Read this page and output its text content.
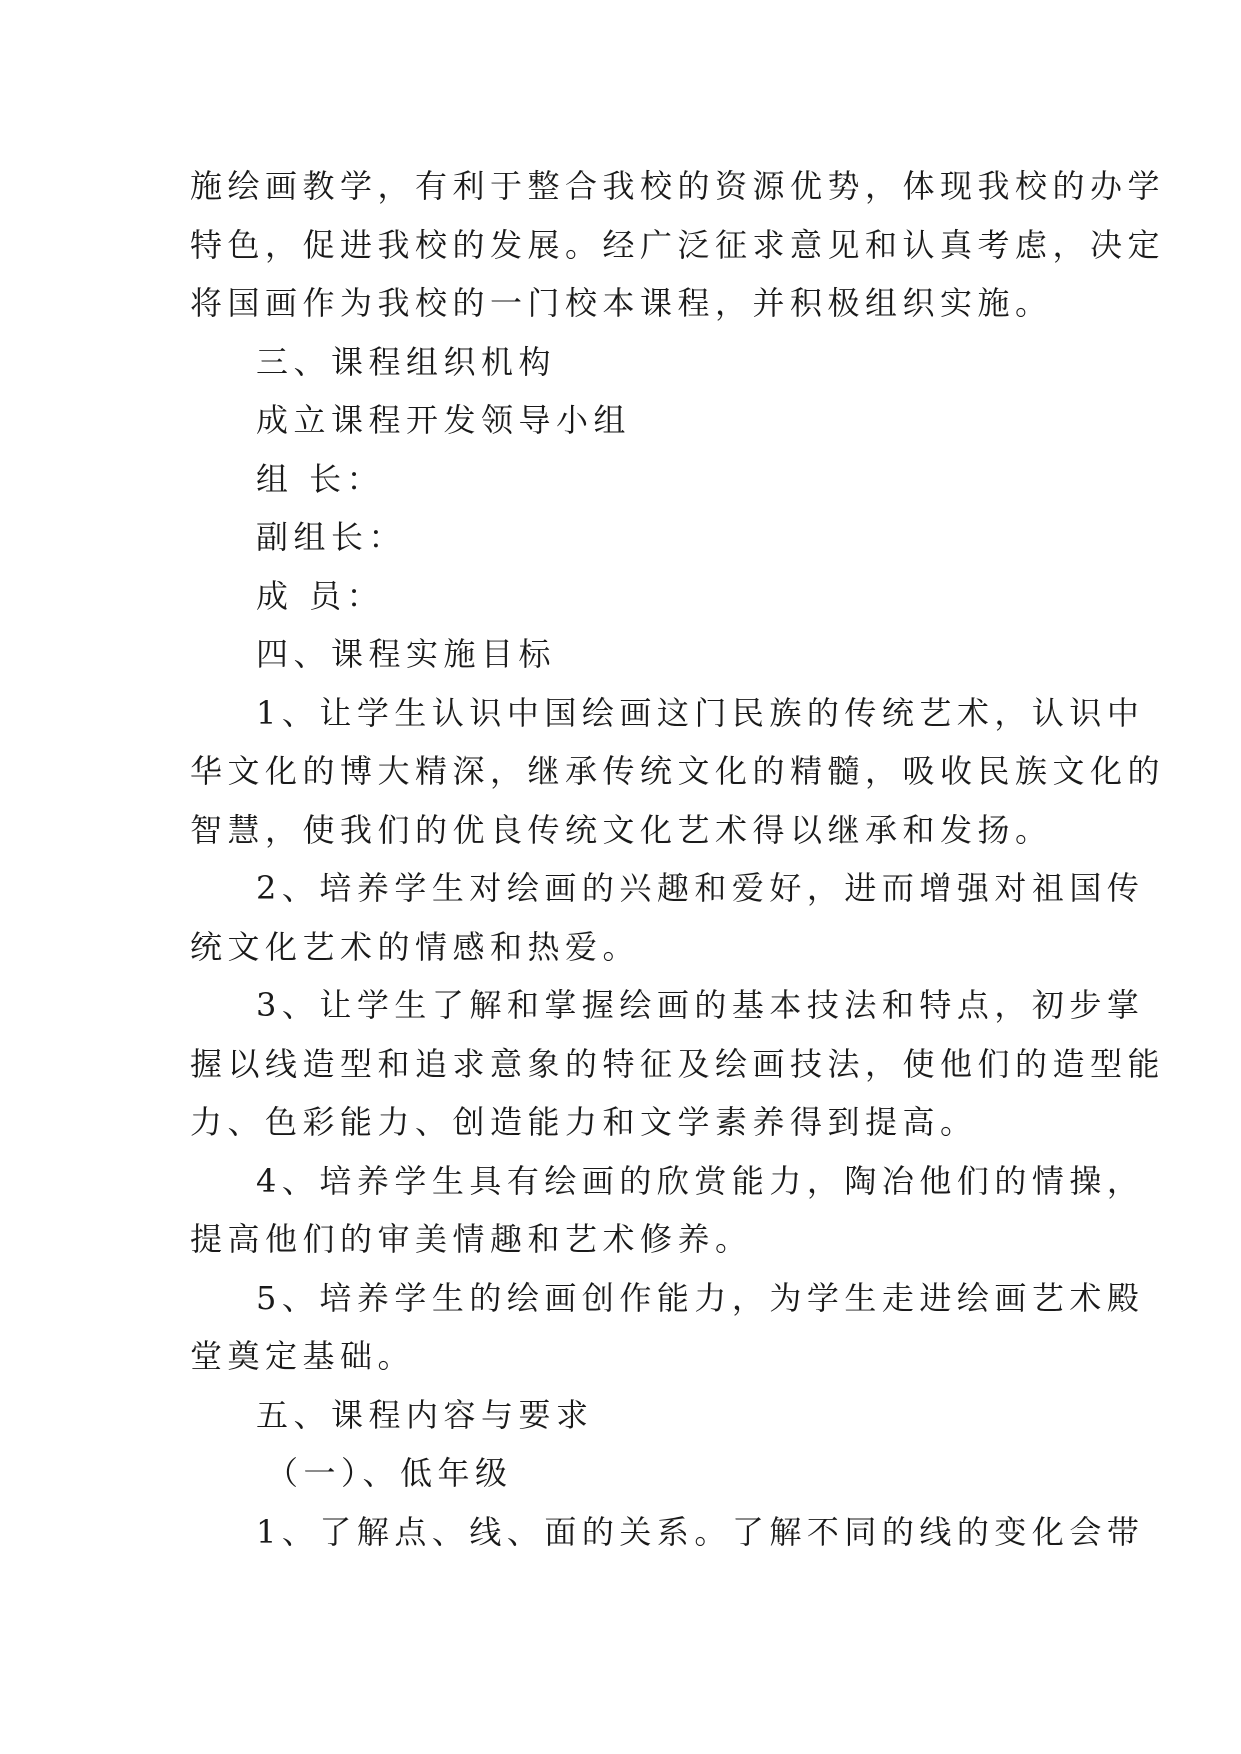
施绘画教学，有利于整合我校的资源优势，体现我校的办学
特色，促进我校的发展。经广泛征求意见和认真考虑，决定
将国画作为我校的一门校本课程，并积极组织实施。
三、课程组织机构
成立课程开发领导小组
组 长：
副组长：
成 员：
四、课程实施目标
1、让学生认识中国绘画这门民族的传统艺术，认识中
华文化的博大精深，继承传统文化的精髓，吸收民族文化的
智慧，使我们的优良传统文化艺术得以继承和发扬。
2、培养学生对绘画的兴趣和爱好，进而增强对祖国传
统文化艺术的情感和热爱。
3、让学生了解和掌握绘画的基本技法和特点，初步掌
握以线造型和追求意象的特征及绘画技法，使他们的造型能
力、色彩能力、创造能力和文学素养得到提高。
4、培养学生具有绘画的欣赏能力，陶冶他们的情操，
提高他们的审美情趣和艺术修养。
5、培养学生的绘画创作能力，为学生走进绘画艺术殿
堂奠定基础。
五、课程内容与要求
（一）、低年级
1、了解点、线、面的关系。了解不同的线的变化会带
